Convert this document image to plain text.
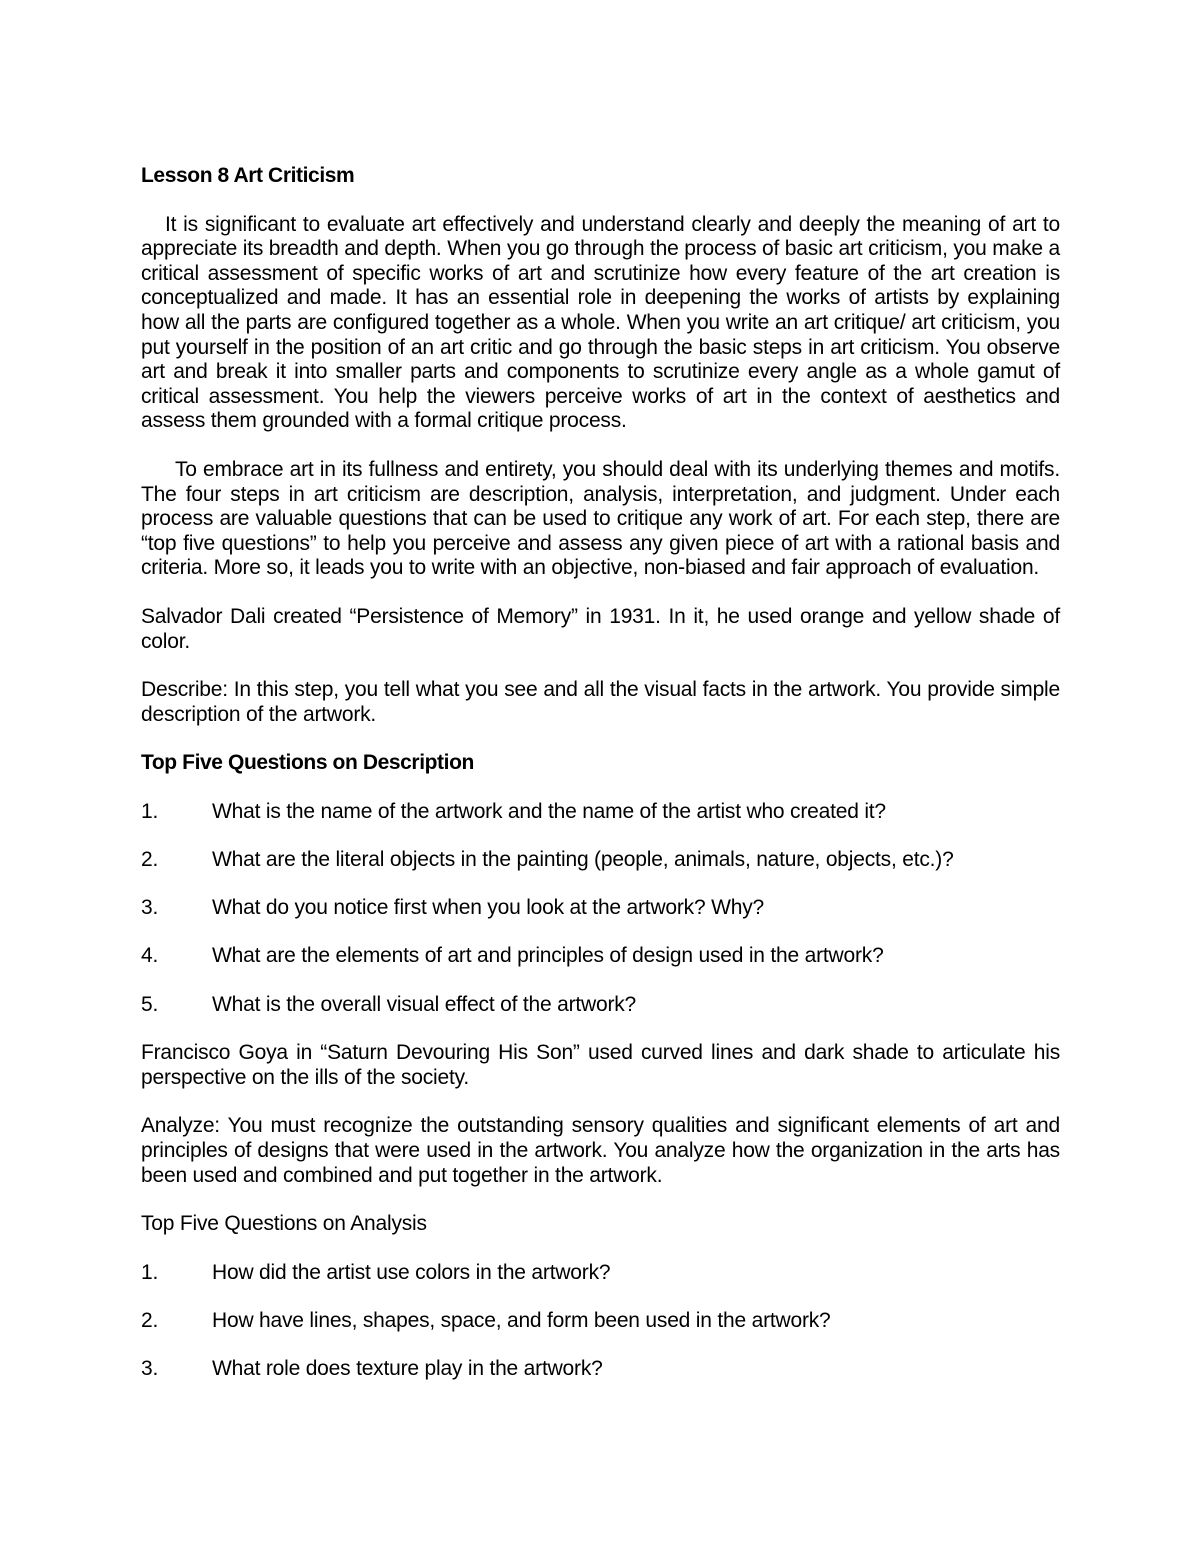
Lesson 8 Art Criticism

It is significant to evaluate art effectively and understand clearly and deeply the meaning of art to appreciate its breadth and depth. When you go through the process of basic art criticism, you make a critical assessment of specific works of art and scrutinize how every feature of the art creation is conceptualized and made. It has an essential role in deepening the works of artists by explaining how all the parts are configured together as a whole. When you write an art critique/ art criticism, you put yourself in the position of an art critic and go through the basic steps in art criticism. You observe art and break it into smaller parts and components to scrutinize every angle as a whole gamut of critical assessment. You help the viewers perceive works of art in the context of aesthetics and assess them grounded with a formal critique process.

To embrace art in its fullness and entirety, you should deal with its underlying themes and motifs. The four steps in art criticism are description, analysis, interpretation, and judgment. Under each process are valuable questions that can be used to critique any work of art. For each step, there are “top five questions” to help you perceive and assess any given piece of art with a rational basis and criteria. More so, it leads you to write with an objective, non-biased and fair approach of evaluation.

Salvador Dali created “Persistence of Memory” in 1931. In it, he used orange and yellow shade of color.

Describe: In this step, you tell what you see and all the visual facts in the artwork. You provide simple description of the artwork.

Top Five Questions on Description
1.	What is the name of the artwork and the name of the artist who created it?
2.	What are the literal objects in the painting (people, animals, nature, objects, etc.)?
3.	What do you notice first when you look at the artwork? Why?
4.	What are the elements of art and principles of design used in the artwork?
5.	What is the overall visual effect of the artwork?

Francisco Goya in “Saturn Devouring His Son” used curved lines and dark shade to articulate his perspective on the ills of the society.

Analyze: You must recognize the outstanding sensory qualities and significant elements of art and principles of designs that were used in the artwork. You analyze how the organization in the arts has been used and combined and put together in the artwork.

Top Five Questions on Analysis
1.	How did the artist use colors in the artwork?
2.	How have lines, shapes, space, and form been used in the artwork?
3.	What role does texture play in the artwork?
